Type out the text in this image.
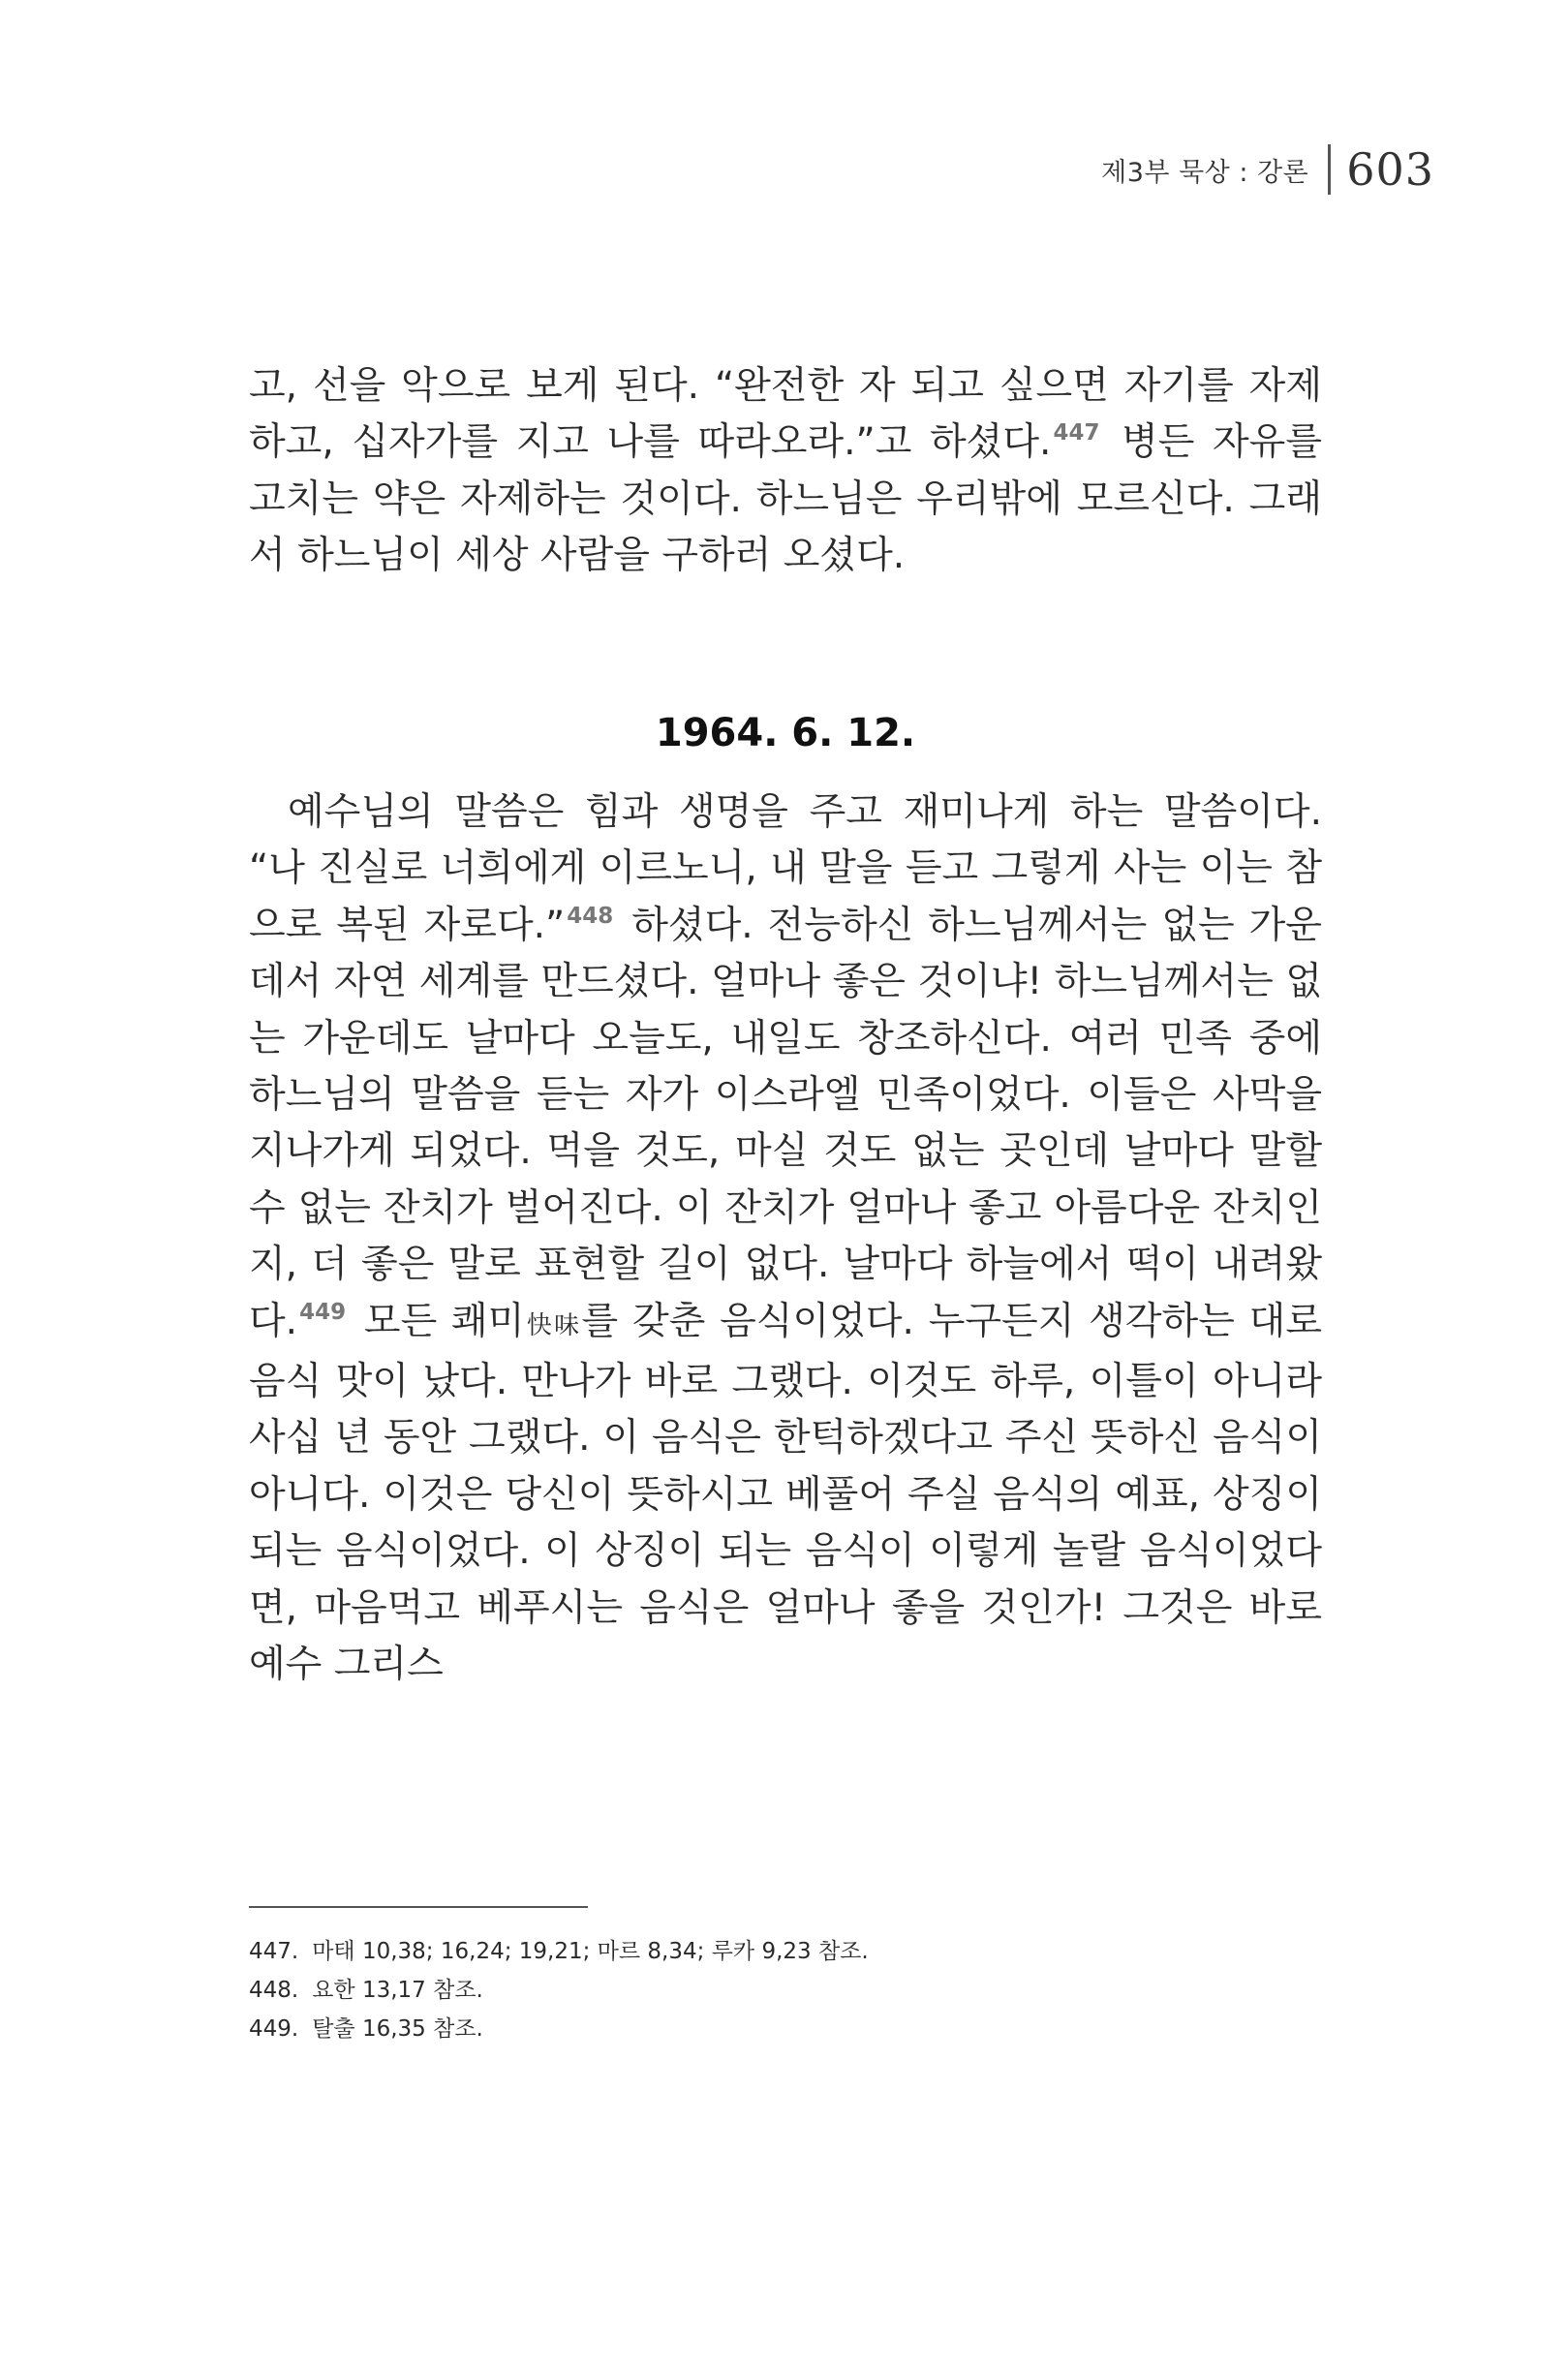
제3부 묵상 : 강론 603

고, 선을 악으로 보게 된다. “완전한 자 되고 싶으면 자기를 자제하고, 십자가를 지고 나를 따라오라.”고 하셨다.$^{447}$ 병든 자유를 고치는 약은 자제하는 것이다. 하느님은 우리밖에 모르신다. 그래서 하느님이 세상 사람을 구하러 오셨다.

1964. 6. 12.

예수님의 말씀은 힘과 생명을 주고 재미나게 하는 말씀이다. “나 진실로 너희에게 이르노니, 내 말을 듣고 그렇게 사는 이는 참으로 복된 자로다.”$^{448}$ 하셨다. 전능하신 하느님께서는 없는 가운데서 자연 세계를 만드셨다. 얼마나 좋은 것이냐! 하느님께서는 없는 가운데도 날마다 오늘도, 내일도 창조하신다. 여러 민족 중에 하느님의 말씀을 듣는 자가 이스라엘 민족이었다. 이들은 사막을 지나가게 되었다. 먹을 것도, 마실 것도 없는 곳인데 날마다 말할 수 없는 잔치가 벌어진다. 이 잔치가 얼마나 좋고 아름다운 잔치인지, 더 좋은 말로 표현할 길이 없다. 날마다 하늘에서 떡이 내려왔다.$^{449}$ 모든 쾌미快味를 갖춘 음식이었다. 누구든지 생각하는 대로 음식 맛이 났다. 만나가 바로 그랬다. 이것도 하루, 이틀이 아니라 사십 년 동안 그랬다. 이 음식은 한턱하겠다고 주신 뜻하신 음식이 아니다. 이것은 당신이 뜻하시고 베풀어 주실 음식의 예표, 상징이 되는 음식이었다. 이 상징이 되는 음식이 이렇게 놀랄 음식이었다면, 마음먹고 베푸시는 음식은 얼마나 좋을 것인가! 그것은 바로 예수 그리스

447. 마태 10,38; 16,24; 19,21; 마르 8,34; 루카 9,23 참조.
448. 요한 13,17 참조.
449. 탈출 16,35 참조.
